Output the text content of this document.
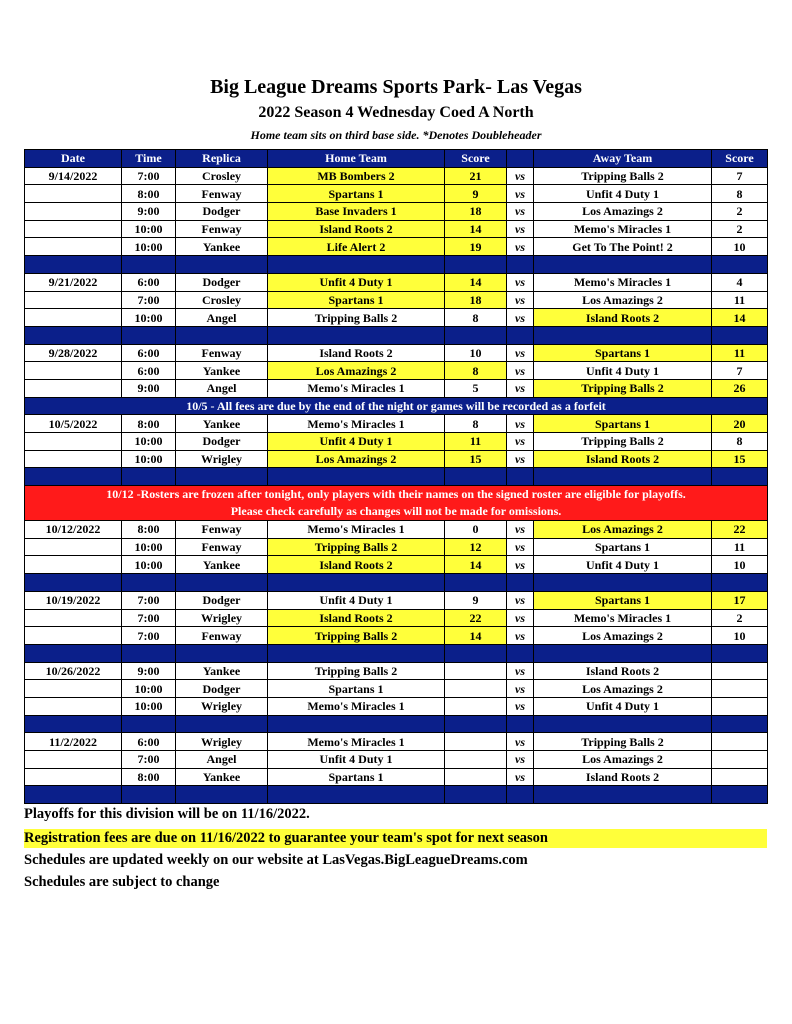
Big League Dreams Sports Park- Las Vegas
2022 Season 4 Wednesday Coed A North
Home team sits on third base side. *Denotes Doubleheader
Date	Time	Replica	Home Team	Score		Away Team	Score
9/14/2022	7:00	Crosley	MB Bombers 2	21	vs	Tripping Balls 2	7
	8:00	Fenway	Spartans 1	9	vs	Unfit 4 Duty 1	8
	9:00	Dodger	Base Invaders 1	18	vs	Los Amazings 2	2
	10:00	Fenway	Island Roots 2	14	vs	Memo's Miracles 1	2
	10:00	Yankee	Life Alert 2	19	vs	Get To The Point! 2	10

9/21/2022	6:00	Dodger	Unfit 4 Duty 1	14	vs	Memo's Miracles 1	4
	7:00	Crosley	Spartans 1	18	vs	Los Amazings 2	11
	10:00	Angel	Tripping Balls 2	8	vs	Island Roots 2	14

9/28/2022	6:00	Fenway	Island Roots 2	10	vs	Spartans 1	11
	6:00	Yankee	Los Amazings 2	8	vs	Unfit 4 Duty 1	7
	9:00	Angel	Memo's Miracles 1	5	vs	Tripping Balls 2	26

10/5 - All fees are due by the end of the night or games will be recorded as a forfeit							

10/5/2022	8:00	Yankee	Memo's Miracles 1	8	vs	Spartans 1	20
	10:00	Dodger	Unfit 4 Duty 1	11	vs	Tripping Balls 2	8
	10:00	Wrigley	Los Amazings 2	15	vs	Island Roots 2	15

10/12 -Rosters are frozen after tonight, only players with their names on the signed roster are eligible for playoffs.
Please check carefully as changes will not be made for omissions.							

10/12/2022	8:00	Fenway	Memo's Miracles 1	0	vs	Los Amazings 2	22
	10:00	Fenway	Tripping Balls 2	12	vs	Spartans 1	11
	10:00	Yankee	Island Roots 2	14	vs	Unfit 4 Duty 1	10

10/19/2022	7:00	Dodger	Unfit 4 Duty 1	9	vs	Spartans 1	17
	7:00	Wrigley	Island Roots 2	22	vs	Memo's Miracles 1	2
	7:00	Fenway	Tripping Balls 2	14	vs	Los Amazings 2	10

10/26/2022	9:00	Yankee	Tripping Balls 2		vs	Island Roots 2	
	10:00	Dodger	Spartans 1		vs	Los Amazings 2	
	10:00	Wrigley	Memo's Miracles 1		vs	Unfit 4 Duty 1	

11/2/2022	6:00	Wrigley	Memo's Miracles 1		vs	Tripping Balls 2	
	7:00	Angel	Unfit 4 Duty 1		vs	Los Amazings 2	
	8:00	Yankee	Spartans 1		vs	Island Roots 2	

Playoffs for this division will be on 11/16/2022.
Registration fees are due on 11/16/2022 to guarantee your team's spot for next season
Schedules are updated weekly on our website at LasVegas.BigLeagueDreams.com
Schedules are subject to change
